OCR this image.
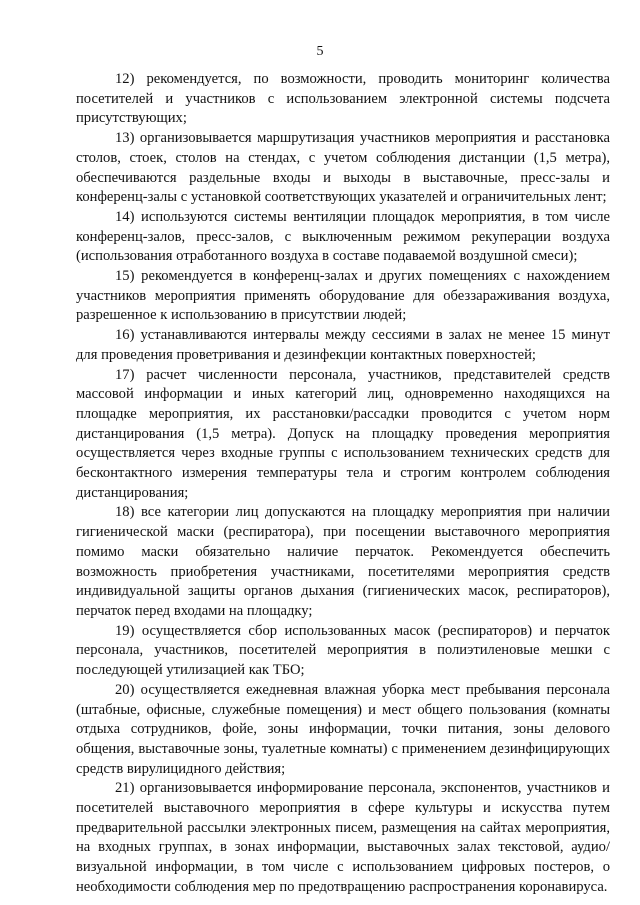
5

12) рекомендуется, по возможности, проводить мониторинг количества посетителей и участников с использованием электронной системы подсчета присутствующих;

13) организовывается маршрутизация участников мероприятия и расстановка столов, стоек, столов на стендах, с учетом соблюдения дистанции (1,5 метра), обеспечиваются раздельные входы и выходы в выставочные, пресс-залы и конференц-залы с установкой соответствующих указателей и ограничительных лент;

14) используются системы вентиляции площадок мероприятия, в том числе конференц-залов, пресс-залов, с выключенным режимом рекуперации воздуха (использования отработанного воздуха в составе подаваемой воздушной смеси);

15) рекомендуется в конференц-залах и других помещениях с нахождением участников мероприятия применять оборудование для обеззараживания воздуха, разрешенное к использованию в присутствии людей;

16) устанавливаются интервалы между сессиями в залах не менее 15 минут для проведения проветривания и дезинфекции контактных поверхностей;

17) расчет численности персонала, участников, представителей средств массовой информации и иных категорий лиц, одновременно находящихся на площадке мероприятия, их расстановки/рассадки проводится с учетом норм дистанцирования (1,5 метра). Допуск на площадку проведения мероприятия осуществляется через входные группы с использованием технических средств для бесконтактного измерения температуры тела и строгим контролем соблюдения дистанцирования;

18) все категории лиц допускаются на площадку мероприятия при наличии гигиенической маски (респиратора), при посещении выставочного мероприятия помимо маски обязательно наличие перчаток. Рекомендуется обеспечить возможность приобретения участниками, посетителями мероприятия средств индивидуальной защиты органов дыхания (гигиенических масок, респираторов), перчаток перед входами на площадку;

19) осуществляется сбор использованных масок (респираторов) и перчаток персонала, участников, посетителей мероприятия в полиэтиленовые мешки с последующей утилизацией как ТБО;

20) осуществляется ежедневная влажная уборка мест пребывания персонала (штабные, офисные, служебные помещения) и мест общего пользования (комнаты отдыха сотрудников, фойе, зоны информации, точки питания, зоны делового общения, выставочные зоны, туалетные комнаты) с применением дезинфицирующих средств вирулицидного действия;

21) организовывается информирование персонала, экспонентов, участников и посетителей выставочного мероприятия в сфере культуры и искусства путем предварительной рассылки электронных писем, размещения на сайтах мероприятия, на входных группах, в зонах информации, выставочных залах текстовой, аудио/визуальной информации, в том числе с использованием цифровых постеров, о необходимости соблюдения мер по предотвращению распространения коронавируса.
